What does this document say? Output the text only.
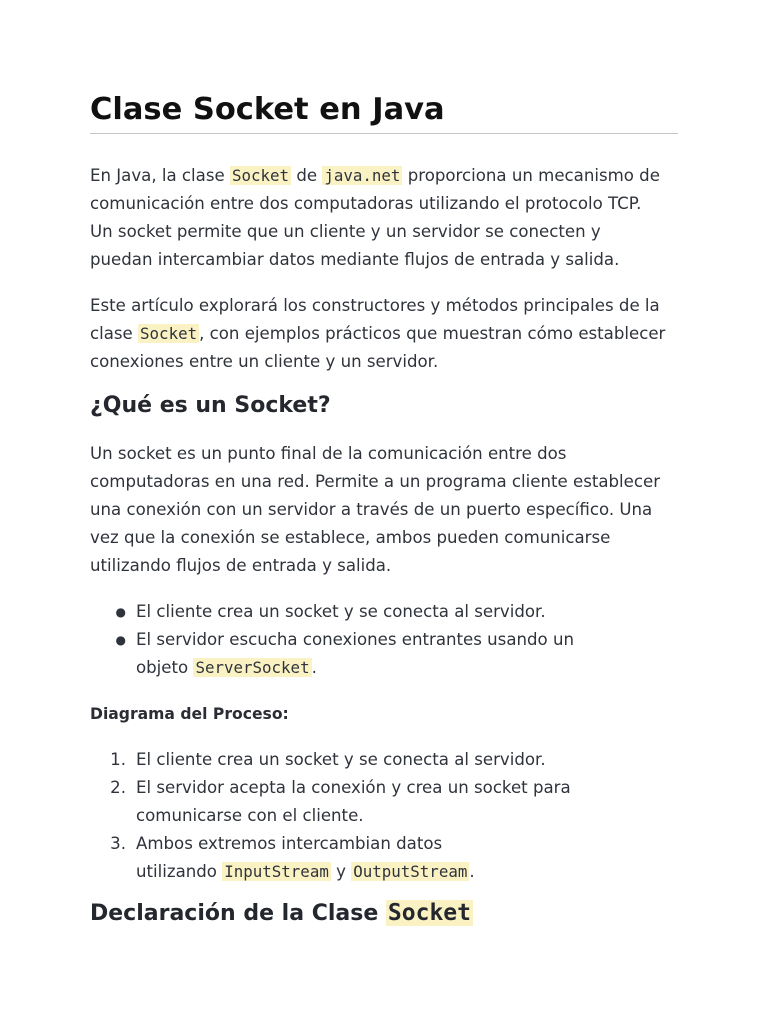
Clase Socket en Java
En Java, la clase Socket de java.net proporciona un mecanismo de
comunicación entre dos computadoras utilizando el protocolo TCP.
Un socket permite que un cliente y un servidor se conecten y
puedan intercambiar datos mediante flujos de entrada y salida.
Este artículo explorará los constructores y métodos principales de la
clase Socket , con ejemplos prácticos que muestran cómo establecer
conexiones entre un cliente y un servidor.
¿Qué es un Socket?
Un socket es un punto final de la comunicación entre dos
computadoras en una red. Permite a un programa cliente establecer
una conexión con un servidor a través de un puerto específico. Una
vez que la conexión se establece, ambos pueden comunicarse
utilizando flujos de entrada y salida.
● El cliente crea un socket y se conecta al servidor.
● El servidor escucha conexiones entrantes usando un
objeto ServerSocket .
Diagrama del Proceso:
1. El cliente crea un socket y se conecta al servidor.
2. El servidor acepta la conexión y crea un socket para
comunicarse con el cliente.
3. Ambos extremos intercambian datos
utilizando InputStream y OutputStream .
Declaración de la Clase Socket
